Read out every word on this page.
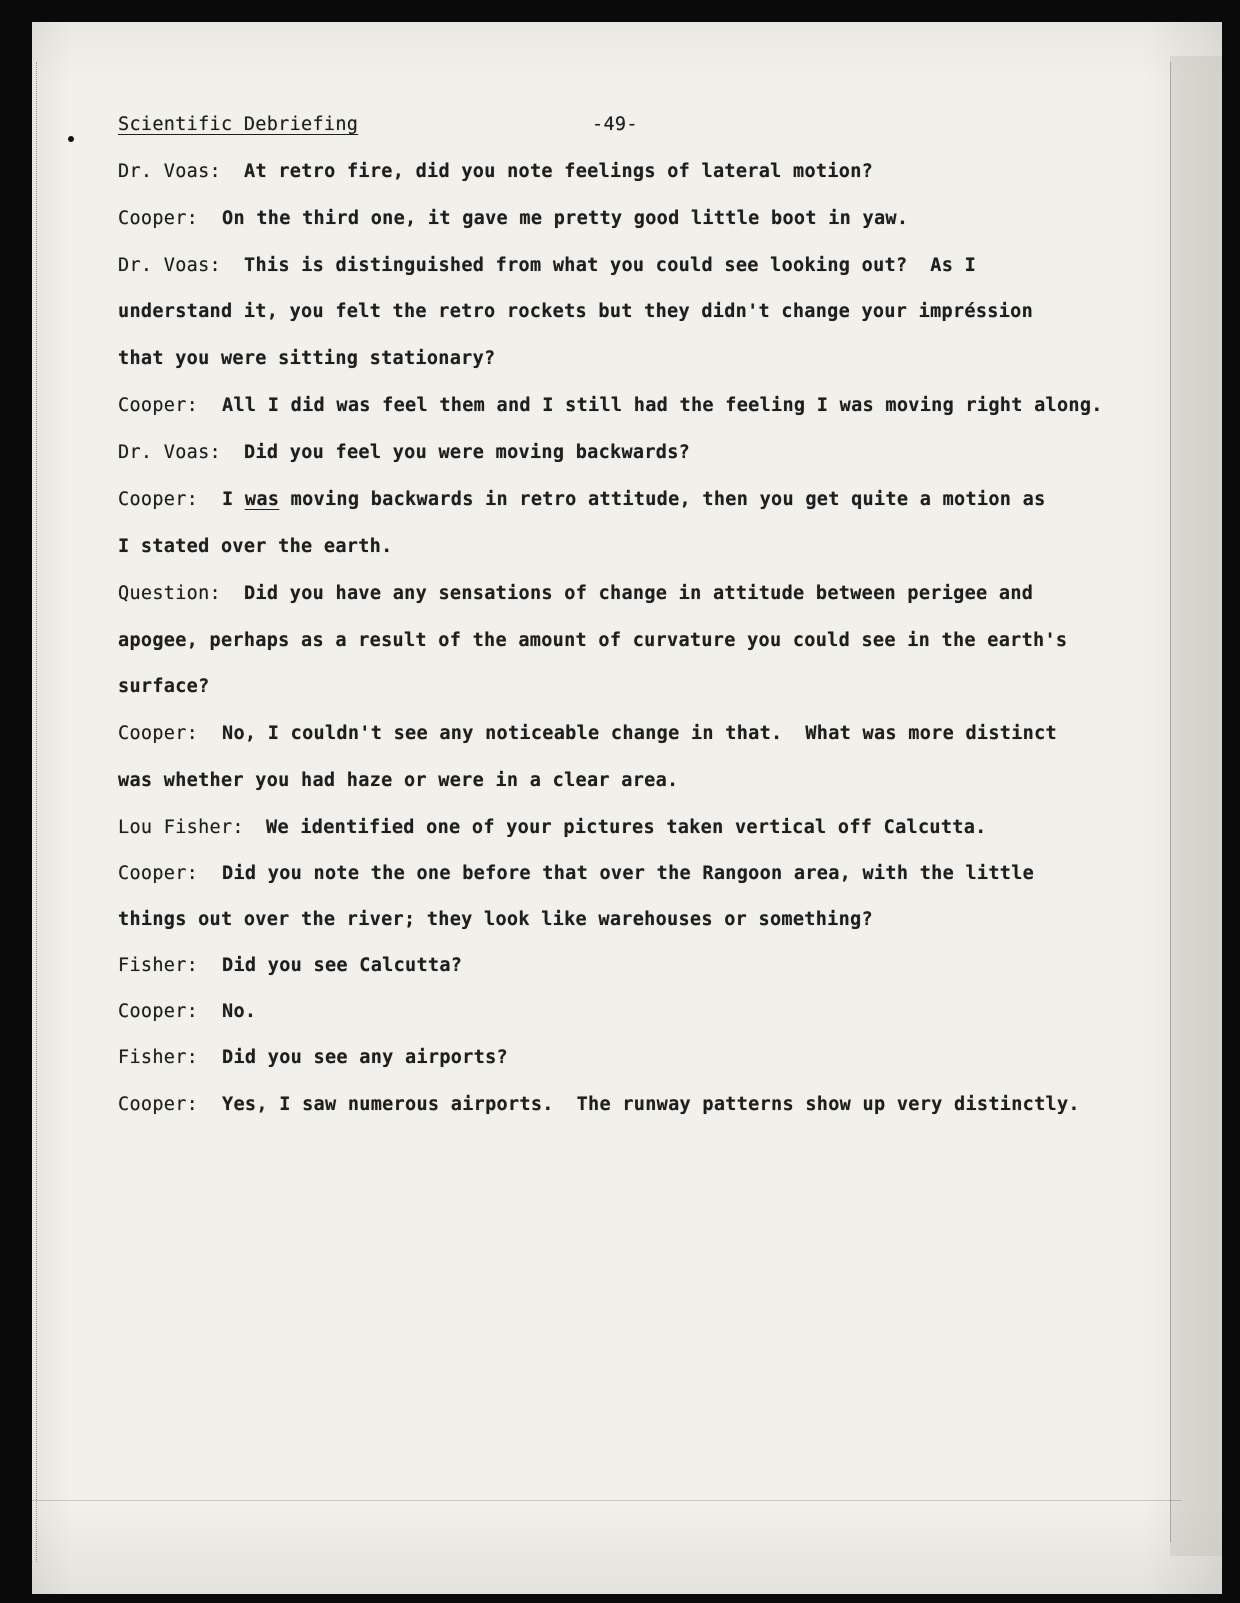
Scientific Debriefing	-49-
Dr. Voas: At retro fire, did you note feelings of lateral motion?
Cooper: On the third one, it gave me pretty good little boot in yaw.
Dr. Voas: This is distinguished from what you could see looking out?  As I
understand it, you felt the retro rockets but they didn't change your impréssion
that you were sitting stationary?
Cooper: All I did was feel them and I still had the feeling I was moving right along.
Dr. Voas: Did you feel you were moving backwards?
Cooper: I was moving backwards in retro attitude, then you get quite a motion as
I stated over the earth.
Question: Did you have any sensations of change in attitude between perigee and
apogee, perhaps as a result of the amount of curvature you could see in the earth's
surface?
Cooper: No, I couldn't see any noticeable change in that.  What was more distinct
was whether you had haze or were in a clear area.
Lou Fisher: We identified one of your pictures taken vertical off Calcutta.
Cooper: Did you note the one before that over the Rangoon area, with the little
things out over the river; they look like warehouses or something?
Fisher: Did you see Calcutta?
Cooper: No.
Fisher: Did you see any airports?
Cooper: Yes, I saw numerous airports.  The runway patterns show up very distinctly.
